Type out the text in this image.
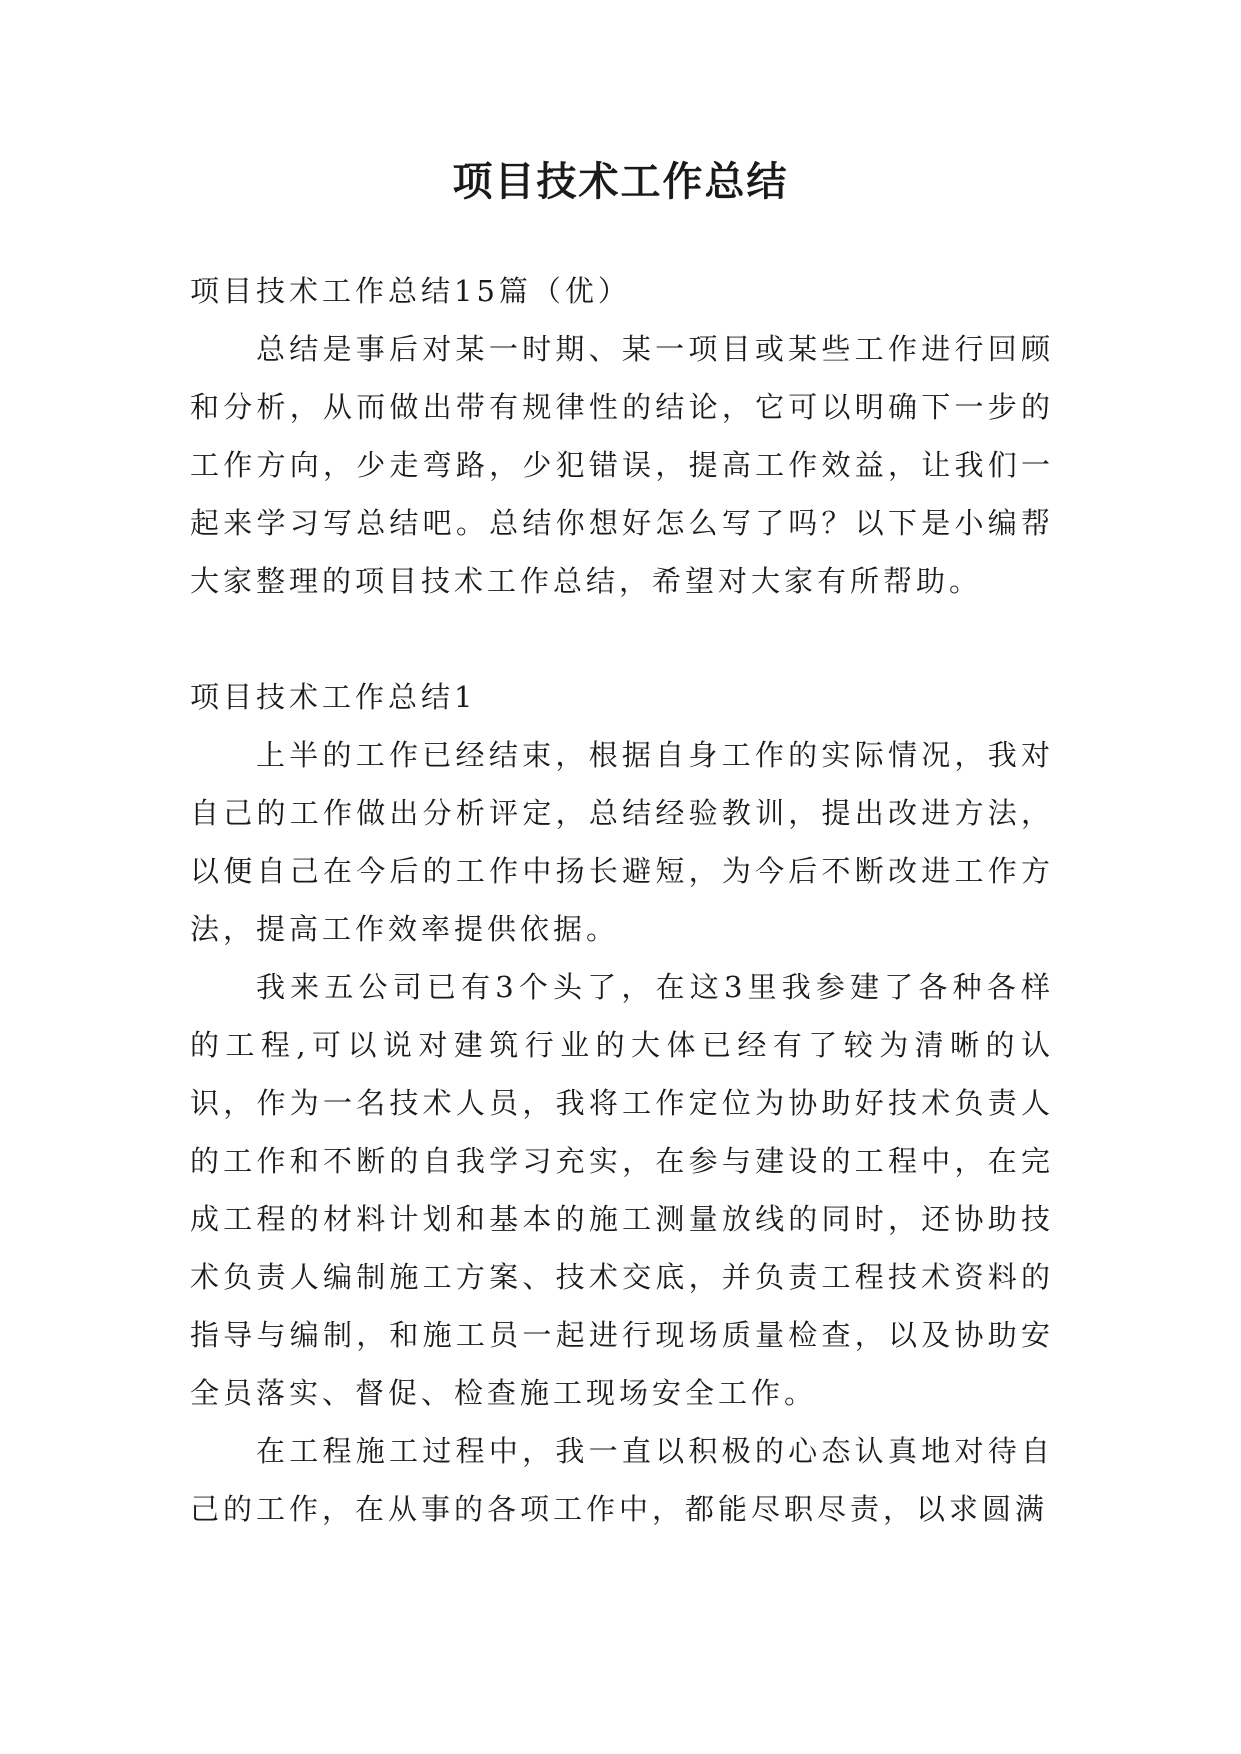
项目技术工作总结

项目技术工作总结15篇（优）

总结是事后对某一时期、某一项目或某些工作进行回顾和分析，从而做出带有规律性的结论，它可以明确下一步的工作方向，少走弯路，少犯错误，提高工作效益，让我们一起来学习写总结吧。总结你想好怎么写了吗？以下是小编帮大家整理的项目技术工作总结，希望对大家有所帮助。

项目技术工作总结1

上半的工作已经结束，根据自身工作的实际情况，我对自己的工作做出分析评定，总结经验教训，提出改进方法，以便自己在今后的工作中扬长避短，为今后不断改进工作方法，提高工作效率提供依据。

我来五公司已有3个头了，在这3里我参建了各种各样的工程,可以说对建筑行业的大体已经有了较为清晰的认识，作为一名技术人员，我将工作定位为协助好技术负责人的工作和不断的自我学习充实，在参与建设的工程中，在完成工程的材料计划和基本的施工测量放线的同时，还协助技术负责人编制施工方案、技术交底，并负责工程技术资料的指导与编制，和施工员一起进行现场质量检查，以及协助安全员落实、督促、检查施工现场安全工作。

在工程施工过程中，我一直以积极的心态认真地对待自己的工作，在从事的各项工作中，都能尽职尽责，以求圆满
